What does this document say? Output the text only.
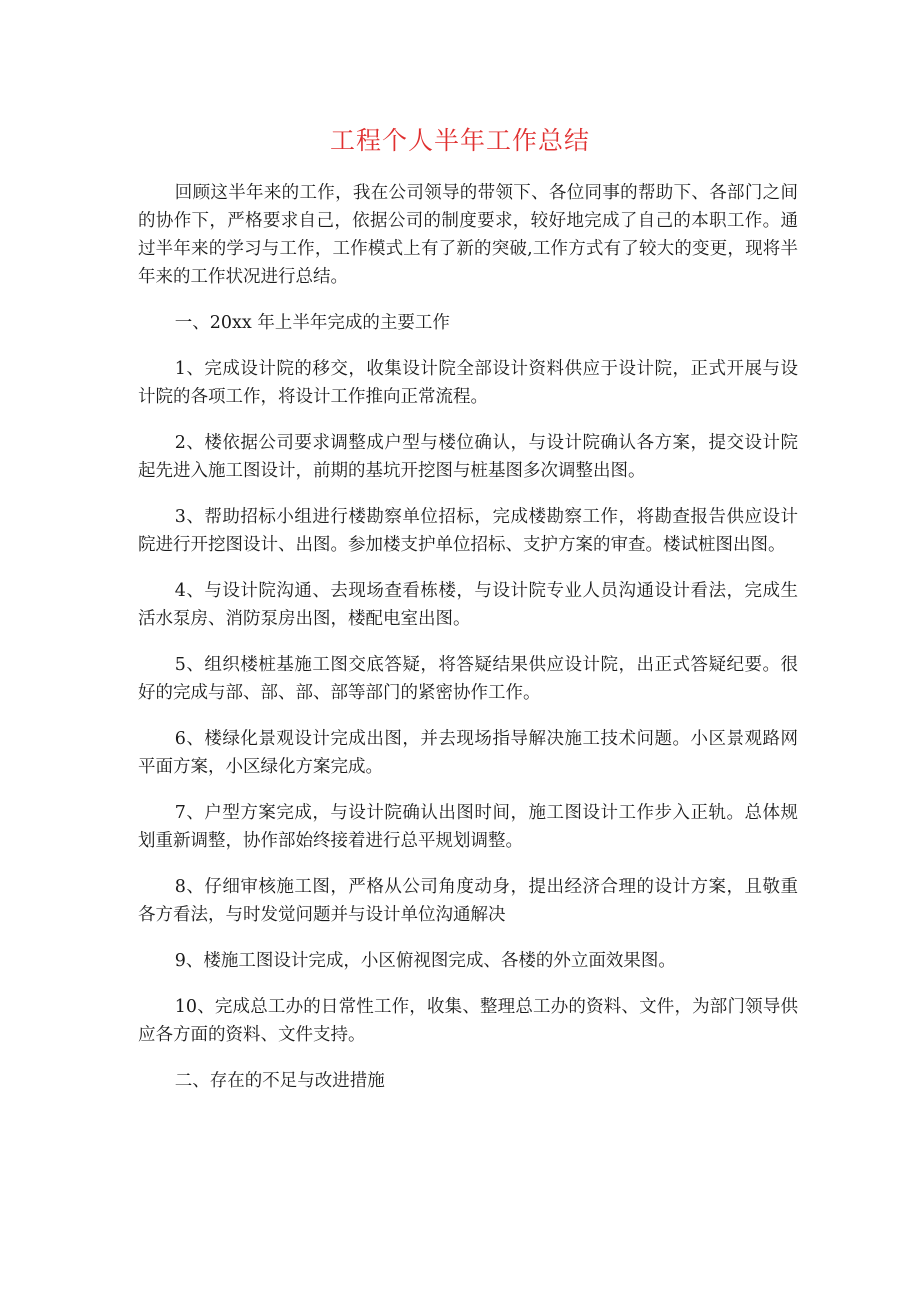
工程个人半年工作总结

回顾这半年来的工作，我在公司领导的带领下、各位同事的帮助下、各部门之间的协作下，严格要求自己，依据公司的制度要求，较好地完成了自己的本职工作。通过半年来的学习与工作，工作模式上有了新的突破,工作方式有了较大的变更，现将半年来的工作状况进行总结。

一、20xx 年上半年完成的主要工作

1、完成设计院的移交，收集设计院全部设计资料供应于设计院，正式开展与设计院的各项工作，将设计工作推向正常流程。

2、楼依据公司要求调整成户型与楼位确认，与设计院确认各方案，提交设计院起先进入施工图设计，前期的基坑开挖图与桩基图多次调整出图。

3、帮助招标小组进行楼勘察单位招标，完成楼勘察工作，将勘查报告供应设计院进行开挖图设计、出图。参加楼支护单位招标、支护方案的审查。楼试桩图出图。

4、与设计院沟通、去现场查看栋楼，与设计院专业人员沟通设计看法，完成生活水泵房、消防泵房出图，楼配电室出图。

5、组织楼桩基施工图交底答疑，将答疑结果供应设计院，出正式答疑纪要。很好的完成与部、部、部、部等部门的紧密协作工作。

6、楼绿化景观设计完成出图，并去现场指导解决施工技术问题。小区景观路网平面方案，小区绿化方案完成。

7、户型方案完成，与设计院确认出图时间，施工图设计工作步入正轨。总体规划重新调整，协作部始终接着进行总平规划调整。

8、仔细审核施工图，严格从公司角度动身，提出经济合理的设计方案，且敬重各方看法，与时发觉问题并与设计单位沟通解决

9、楼施工图设计完成，小区俯视图完成、各楼的外立面效果图。

10、完成总工办的日常性工作，收集、整理总工办的资料、文件，为部门领导供应各方面的资料、文件支持。

二、存在的不足与改进措施
